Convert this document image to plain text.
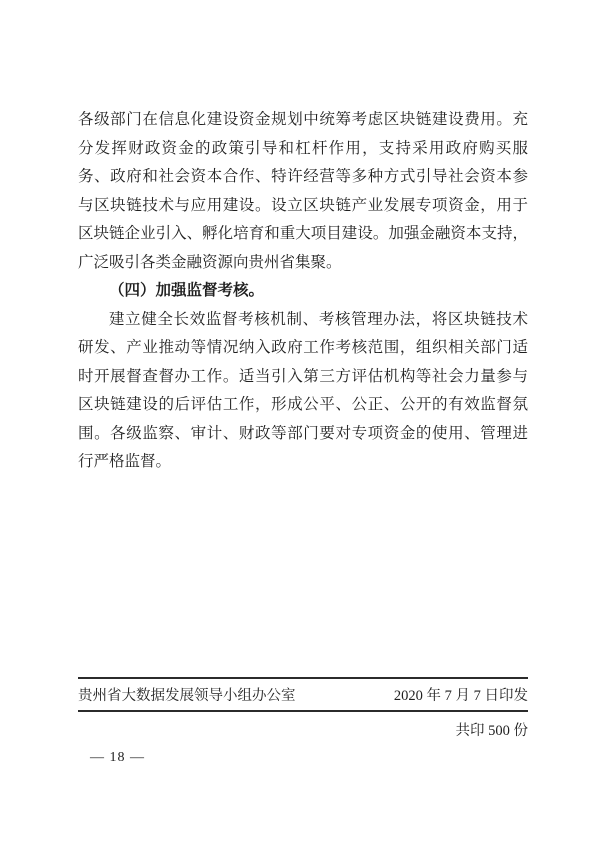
各级部门在信息化建设资金规划中统筹考虑区块链建设费用。充
分发挥财政资金的政策引导和杠杆作用，支持采用政府购买服
务、政府和社会资本合作、特许经营等多种方式引导社会资本参
与区块链技术与应用建设。设立区块链产业发展专项资金，用于
区块链企业引入、孵化培育和重大项目建设。加强金融资本支持，
广泛吸引各类金融资源向贵州省集聚。
（四）加强监督考核。
建立健全长效监督考核机制、考核管理办法，将区块链技术
研发、产业推动等情况纳入政府工作考核范围，组织相关部门适
时开展督查督办工作。适当引入第三方评估机构等社会力量参与
区块链建设的后评估工作，形成公平、公正、公开的有效监督氛
围。各级监察、审计、财政等部门要对专项资金的使用、管理进
行严格监督。
贵州省大数据发展领导小组办公室	2020 年 7 月 7 日印发
共印 500 份
— 18 —
